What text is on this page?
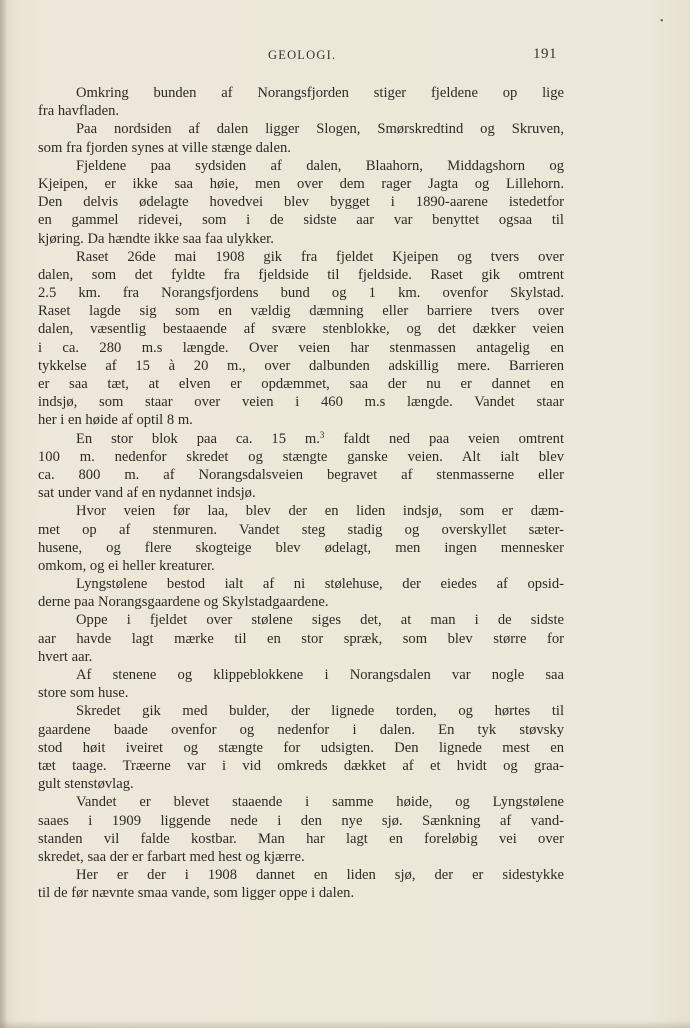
•
GEOLOGI.	191

Omkring bunden af Norangsfjorden stiger fjeldene op lige
fra havfladen.

Paa nordsiden af dalen ligger Slogen, Smørskredtind og Skruven,
som fra fjorden synes at ville stænge dalen.

Fjeldene paa sydsiden af dalen, Blaahorn, Middagshorn og
Kjeipen, er ikke saa høie, men over dem rager Jagta og Lillehorn.
Den delvis ødelagte hovedvei blev bygget i 1890-aarene istedetfor
en gammel ridevei, som i de sidste aar var benyttet ogsaa til
kjøring. Da hændte ikke saa faa ulykker.

Raset 26de mai 1908 gik fra fjeldet Kjeipen og tvers over
dalen, som det fyldte fra fjeldside til fjeldside. Raset gik omtrent
2.5 km. fra Norangsfjordens bund og 1 km. ovenfor Skylstad.
Raset lagde sig som en vældig dæmning eller barriere tvers over
dalen, væsentlig bestaaende af svære stenblokke, og det dækker veien
i ca. 280 m.s længde. Over veien har stenmassen antagelig en
tykkelse af 15 à 20 m., over dalbunden adskillig mere. Barrieren
er saa tæt, at elven er opdæmmet, saa der nu er dannet en
indsjø, som staar over veien i 460 m.s længde. Vandet staar
her i en høide af optil 8 m.

En stor blok paa ca. 15 m.$^3$ faldt ned paa veien omtrent
100 m. nedenfor skredet og stængte ganske veien. Alt ialt blev
ca. 800 m. af Norangsdalsveien begravet af stenmasserne eller
sat under vand af en nydannet indsjø.

Hvor veien før laa, blev der en liden indsjø, som er dæm-
met op af stenmuren. Vandet steg stadig og overskyllet sæter-
husene, og flere skogteige blev ødelagt, men ingen mennesker
omkom, og ei heller kreaturer.

Lyngstølene bestod ialt af ni stølehuse, der eiedes af opsid-
derne paa Norangsgaardene og Skylstadgaardene.

Oppe i fjeldet over stølene siges det, at man i de sidste
aar havde lagt mærke til en stor spræk, som blev større for
hvert aar.

Af stenene og klippeblokkene i Norangsdalen var nogle saa
store som huse.

Skredet gik med bulder, der lignede torden, og hørtes til
gaardene baade ovenfor og nedenfor i dalen. En tyk støvsky
stod høit iveiret og stængte for udsigten. Den lignede mest en
tæt taage. Træerne var i vid omkreds dækket af et hvidt og graa-
gult stenstøvlag.

Vandet er blevet staaende i samme høide, og Lyngstølene
saaes i 1909 liggende nede i den nye sjø. Sænkning af vand-
standen vil falde kostbar. Man har lagt en foreløbig vei over
skredet, saa der er farbart med hest og kjærre.

Her er der i 1908 dannet en liden sjø, der er sidestykke
til de før nævnte smaa vande, som ligger oppe i dalen.
